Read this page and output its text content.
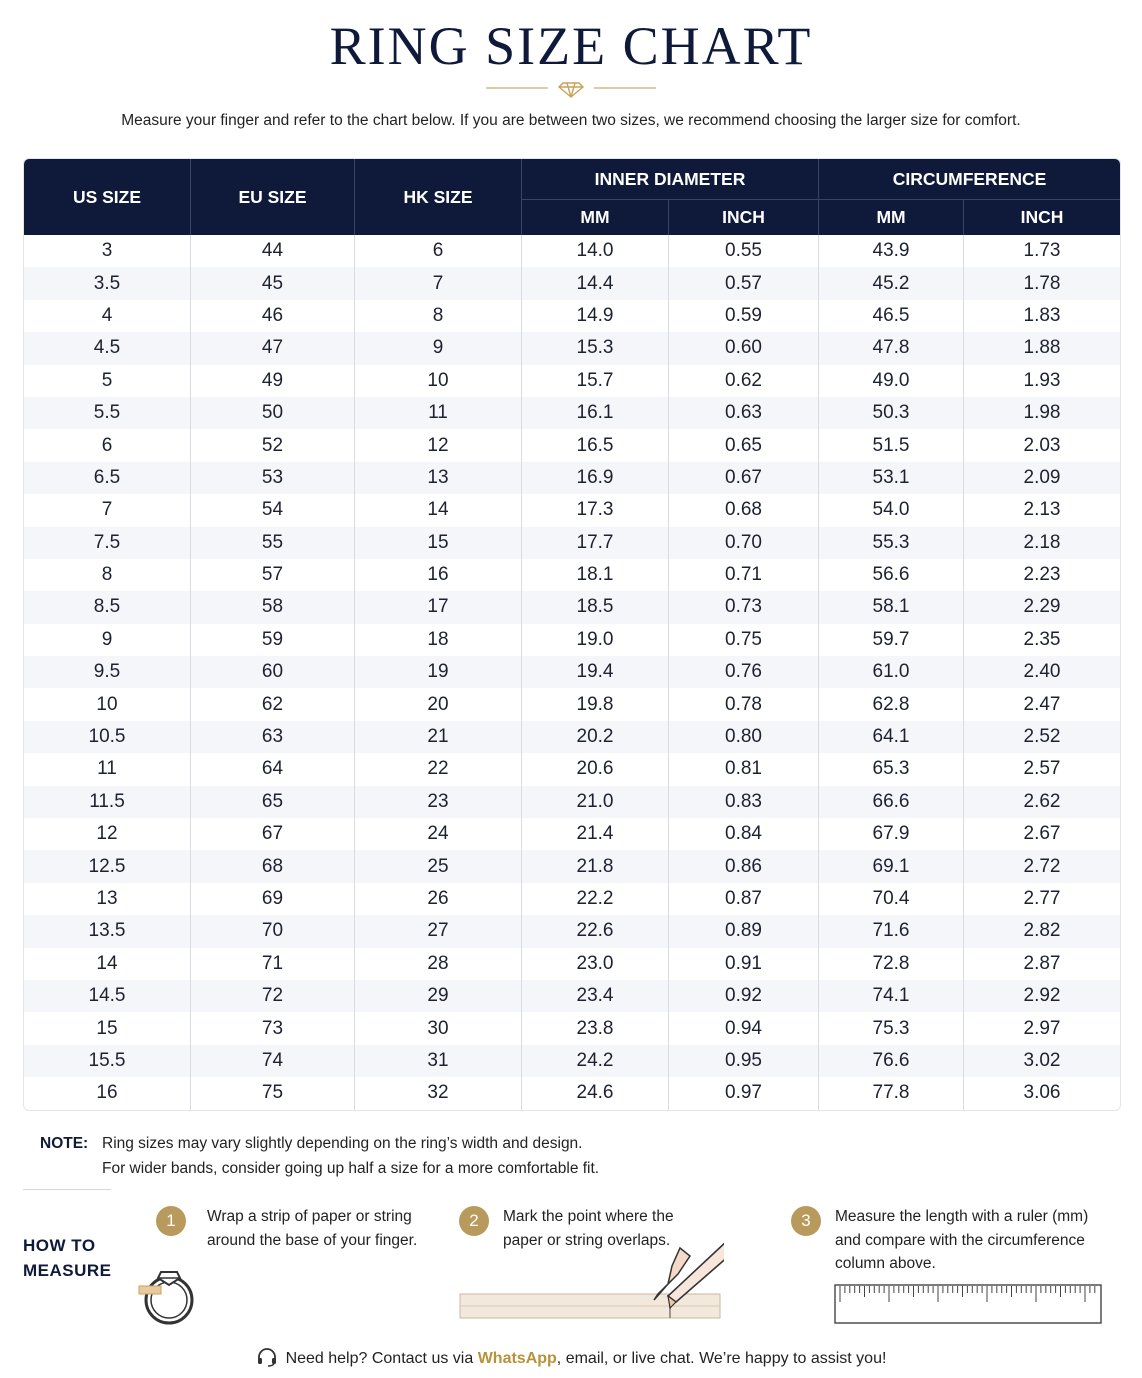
RING SIZE CHART
Measure your finger and refer to the chart below. If you are between two sizes, we recommend choosing the larger size for comfort.
US SIZE	EU SIZE	HK SIZE	INNER DIAMETER		CIRCUMFERENCE	
			MM	INCH	MM	INCH
3	44	6	14.0	0.55	43.9	1.73
3.5	45	7	14.4	0.57	45.2	1.78
4	46	8	14.9	0.59	46.5	1.83
4.5	47	9	15.3	0.60	47.8	1.88
5	49	10	15.7	0.62	49.0	1.93
5.5	50	11	16.1	0.63	50.3	1.98
6	52	12	16.5	0.65	51.5	2.03
6.5	53	13	16.9	0.67	53.1	2.09
7	54	14	17.3	0.68	54.0	2.13
7.5	55	15	17.7	0.70	55.3	2.18
8	57	16	18.1	0.71	56.6	2.23
8.5	58	17	18.5	0.73	58.1	2.29
9	59	18	19.0	0.75	59.7	2.35
9.5	60	19	19.4	0.76	61.0	2.40
10	62	20	19.8	0.78	62.8	2.47
10.5	63	21	20.2	0.80	64.1	2.52
11	64	22	20.6	0.81	65.3	2.57
11.5	65	23	21.0	0.83	66.6	2.62
12	67	24	21.4	0.84	67.9	2.67
12.5	68	25	21.8	0.86	69.1	2.72
13	69	26	22.2	0.87	70.4	2.77
13.5	70	27	22.6	0.89	71.6	2.82
14	71	28	23.0	0.91	72.8	2.87
14.5	72	29	23.4	0.92	74.1	2.92
15	73	30	23.8	0.94	75.3	2.97
15.5	74	31	24.2	0.95	76.6	3.02
16	75	32	24.6	0.97	77.8	3.06
NOTE: Ring sizes may vary slightly depending on the ring’s width and design.
For wider bands, consider going up half a size for a more comfortable fit.
HOW TO
MEASURE
1	Wrap a strip of paper or string around the base of your finger.
2	Mark the point where the paper or string overlaps.
3	Measure the length with a ruler (mm) and compare with the circumference column above.
Need help? Contact us via WhatsApp, email, or live chat. We’re happy to assist you!
